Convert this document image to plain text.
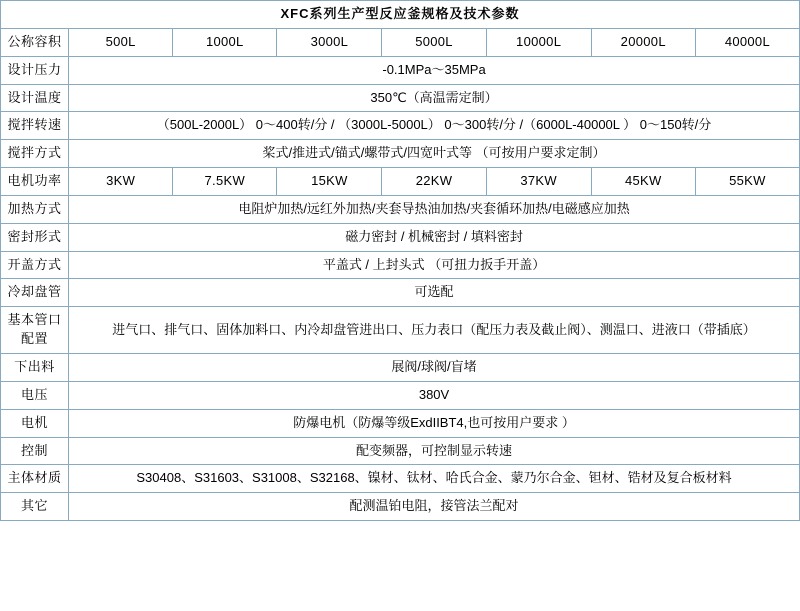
XFC系列生产型反应釜规格及技术参数							
公称容积	500L	1000L	3000L	5000L	10000L	20000L	40000L
设计压力	-0.1MPa～35MPa						
设计温度	350℃（高温需定制）						
搅拌转速	（500L-2000L） 0～400转/分 / （3000L-5000L） 0～300转/分 /（6000L-40000L ） 0～150转/分						
搅拌方式	桨式/推进式/锚式/螺带式/四宽叶式等 （可按用户要求定制）						
电机功率	3KW	7.5KW	15KW	22KW	37KW	45KW	55KW
加热方式	电阻炉加热/远红外加热/夹套导热油加热/夹套循环加热/电磁感应加热						
密封形式	磁力密封 / 机械密封 / 填料密封						
开盖方式	平盖式 / 上封头式 （可扭力扳手开盖）						
冷却盘管	可选配						
基本管口配置	进气口、排气口、固体加料口、内冷却盘管进出口、压力表口（配压力表及截止阀）、测温口、进液口（带插底）						
下出料	展阀/球阀/盲堵						
电压	380V						
电机	防爆电机（防爆等级ExdIIBT4,也可按用户要求 ）						
控制	配变频器，可控制显示转速						
主体材质	S30408、S31603、S31008、S32168、镍材、钛材、哈氏合金、蒙乃尔合金、钽材、锆材及复合板材料						
其它	配测温铂电阻，接管法兰配对						
